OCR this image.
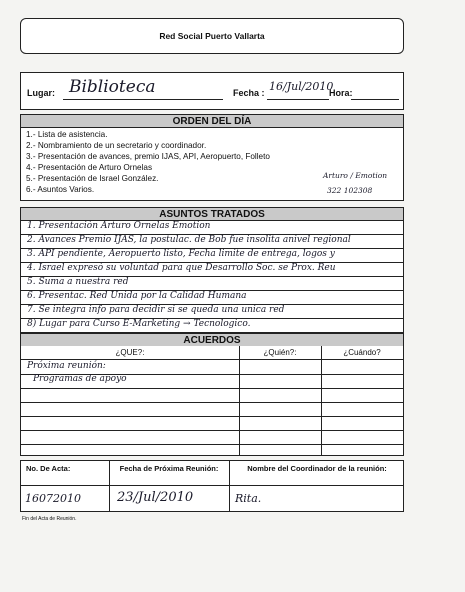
Red Social Puerto Vallarta
Lugar: Biblioteca	Fecha : 16/Jul/2010
Hora:
ORDEN DEL DÍA
1.- Lista de asistencia.
2.- Nombramiento de un secretario y coordinador.
3.- Presentación de avances, premio IJAS, API, Aeropuerto, Folleto
4.- Presentación de Arturo Ornelas
5.- Presentación de Israel González.
6.- Asuntos Varios.
Arturo / Emotion
322 102308
ASUNTOS TRATADOS
1. Presentación Arturo Ornelas Emotion
2. Avances Premio IJAS, la postulac. de Bob fue insolita anivel regional
3. API pendiente, Aeropuerto listo, Fecha limite de entrega, logos y
4. Israel expresó su voluntad para que Desarrollo Soc. se Prox. Reu
5. Suma a nuestra red
6. Presentac. Red Unida por la Calidad Humana
7. Se integra info para decidir si se queda una unica red
8) Lugar para Curso E-Marketing → Tecnologico.
ACUERDOS
¿QUE?:	¿Quién?:	¿Cuándo?
Próxima reunión:
Programas de apoyo
No. De Acta:	Fecha de Próxima Reunión:	Nombre del Coordinador de la reunión:
16072010	23/Jul/2010	Rita.
Fin del Acta de Reunión.
